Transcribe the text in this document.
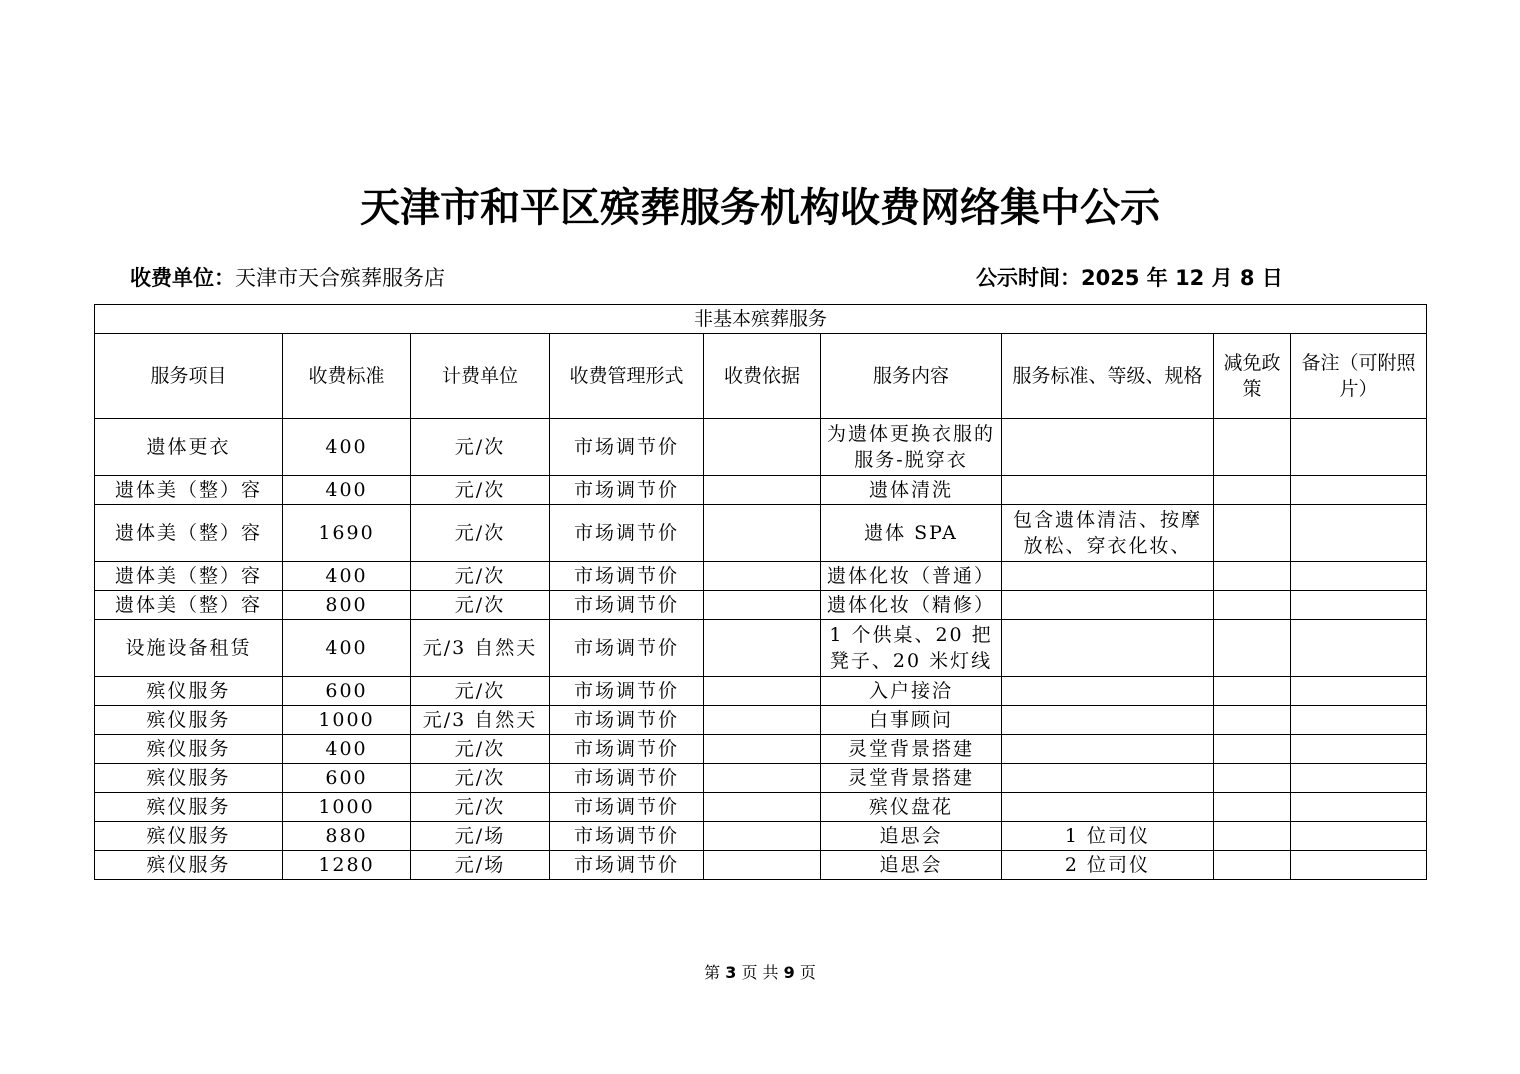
天津市和平区殡葬服务机构收费网络集中公示
收费单位：天津市天合殡葬服务店	公示时间：2025 年 12 月 8 日
非基本殡葬服务								
服务项目	收费标准	计费单位	收费管理形式	收费依据	服务内容	服务标准、等级、规格	减免政策	备注（可附照片）
遗体更衣	400	元/次	市场调节价		为遗体更换衣服的服务-脱穿衣			
遗体美（整）容	400	元/次	市场调节价		遗体清洗			
遗体美（整）容	1690	元/次	市场调节价		遗体 SPA	包含遗体清洁、按摩放松、穿衣化妆、		
遗体美（整）容	400	元/次	市场调节价		遗体化妆（普通）			
遗体美（整）容	800	元/次	市场调节价		遗体化妆（精修）			
设施设备租赁	400	元/3 自然天	市场调节价		1 个供桌、20 把凳子、20 米灯线			
殡仪服务	600	元/次	市场调节价		入户接洽			
殡仪服务	1000	元/3 自然天	市场调节价		白事顾问			
殡仪服务	400	元/次	市场调节价		灵堂背景搭建			
殡仪服务	600	元/次	市场调节价		灵堂背景搭建			
殡仪服务	1000	元/次	市场调节价		殡仪盘花			
殡仪服务	880	元/场	市场调节价		追思会	1 位司仪		
殡仪服务	1280	元/场	市场调节价		追思会	2 位司仪		
第 3 页 共 9 页
